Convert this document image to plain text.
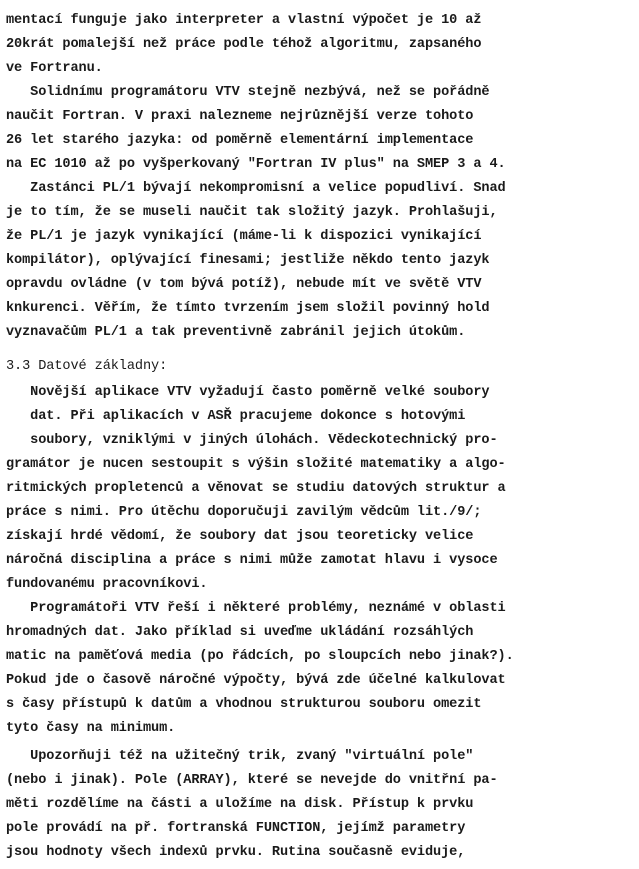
mentací funguje jako interpreter a vlastní výpočet je 10 až
20krát pomalejší než práce podle téhož algoritmu, zapsaného
ve Fortranu.
Solidnímu programátoru VTV stejně nezbývá, než se pořádně
naučit Fortran. V praxi nalezneme nejrůznější verze tohoto
26 let starého jazyka: od poměrně elementární implementace
na EC 1010 až po vyšperkovaný "Fortran IV plus" na SMEP 3 a 4.
Zastánci PL/1 bývají nekompromisní a velice popudliví. Snad
je to tím, že se museli naučit tak složitý jazyk. Prohlašuji,
že PL/1 je jazyk vynikající (máme-li k dispozici vynikající
kompilátor), oplývající finesami; jestliže někdo tento jazyk
opravdu ovládne (v tom bývá potíž), nebude mít ve světě VTV
knkurenci. Věřím, že tímto tvrzením jsem složil povinný hold
vyznavačům PL/1 a tak preventivně zabránil jejich útokům.
3.3 Datové základny:
Novější aplikace VTV vyžadují často poměrně velké soubory
dat. Při aplikacích v ASŘ pracujeme dokonce s hotovými
soubory, vzniklými v jiných úlohách. Vědeckotechnický pro-
gramátor je nucen sestoupit s výšin složité matematiky a algo-
ritmických propletenců a věnovat se studiu datových struktur a
práce s nimi. Pro útěchu doporučuji zavilým vědcům lit./9/;
získají hrdé vědomí, že soubory dat jsou teoreticky velice
náročná disciplina a práce s nimi může zamotat hlavu i vysoce
fundovanému pracovníkovi.
Programátoři VTV řeší i některé problémy, neznámé v oblasti
hromadných dat. Jako příklad si uveďme ukládání rozsáhlých
matic na paměťová media (po řádcích, po sloupcích nebo jinak?).
Pokud jde o časově náročné výpočty, bývá zde účelné kalkulovat
s časy přístupů k datům a vhodnou strukturou souboru omezit
tyto časy na minimum.
Upozorňuji též na užitečný trik, zvaný "virtuální pole"
(nebo i jinak). Pole (ARRAY), které se nevejde do vnitřní pa-
měti rozdělíme na části a uložíme na disk. Přístup k prvku
pole provádí na př. fortranská FUNCTION, jejímž parametry
jsou hodnoty všech indexů prvku. Rutina současně eviduje,
